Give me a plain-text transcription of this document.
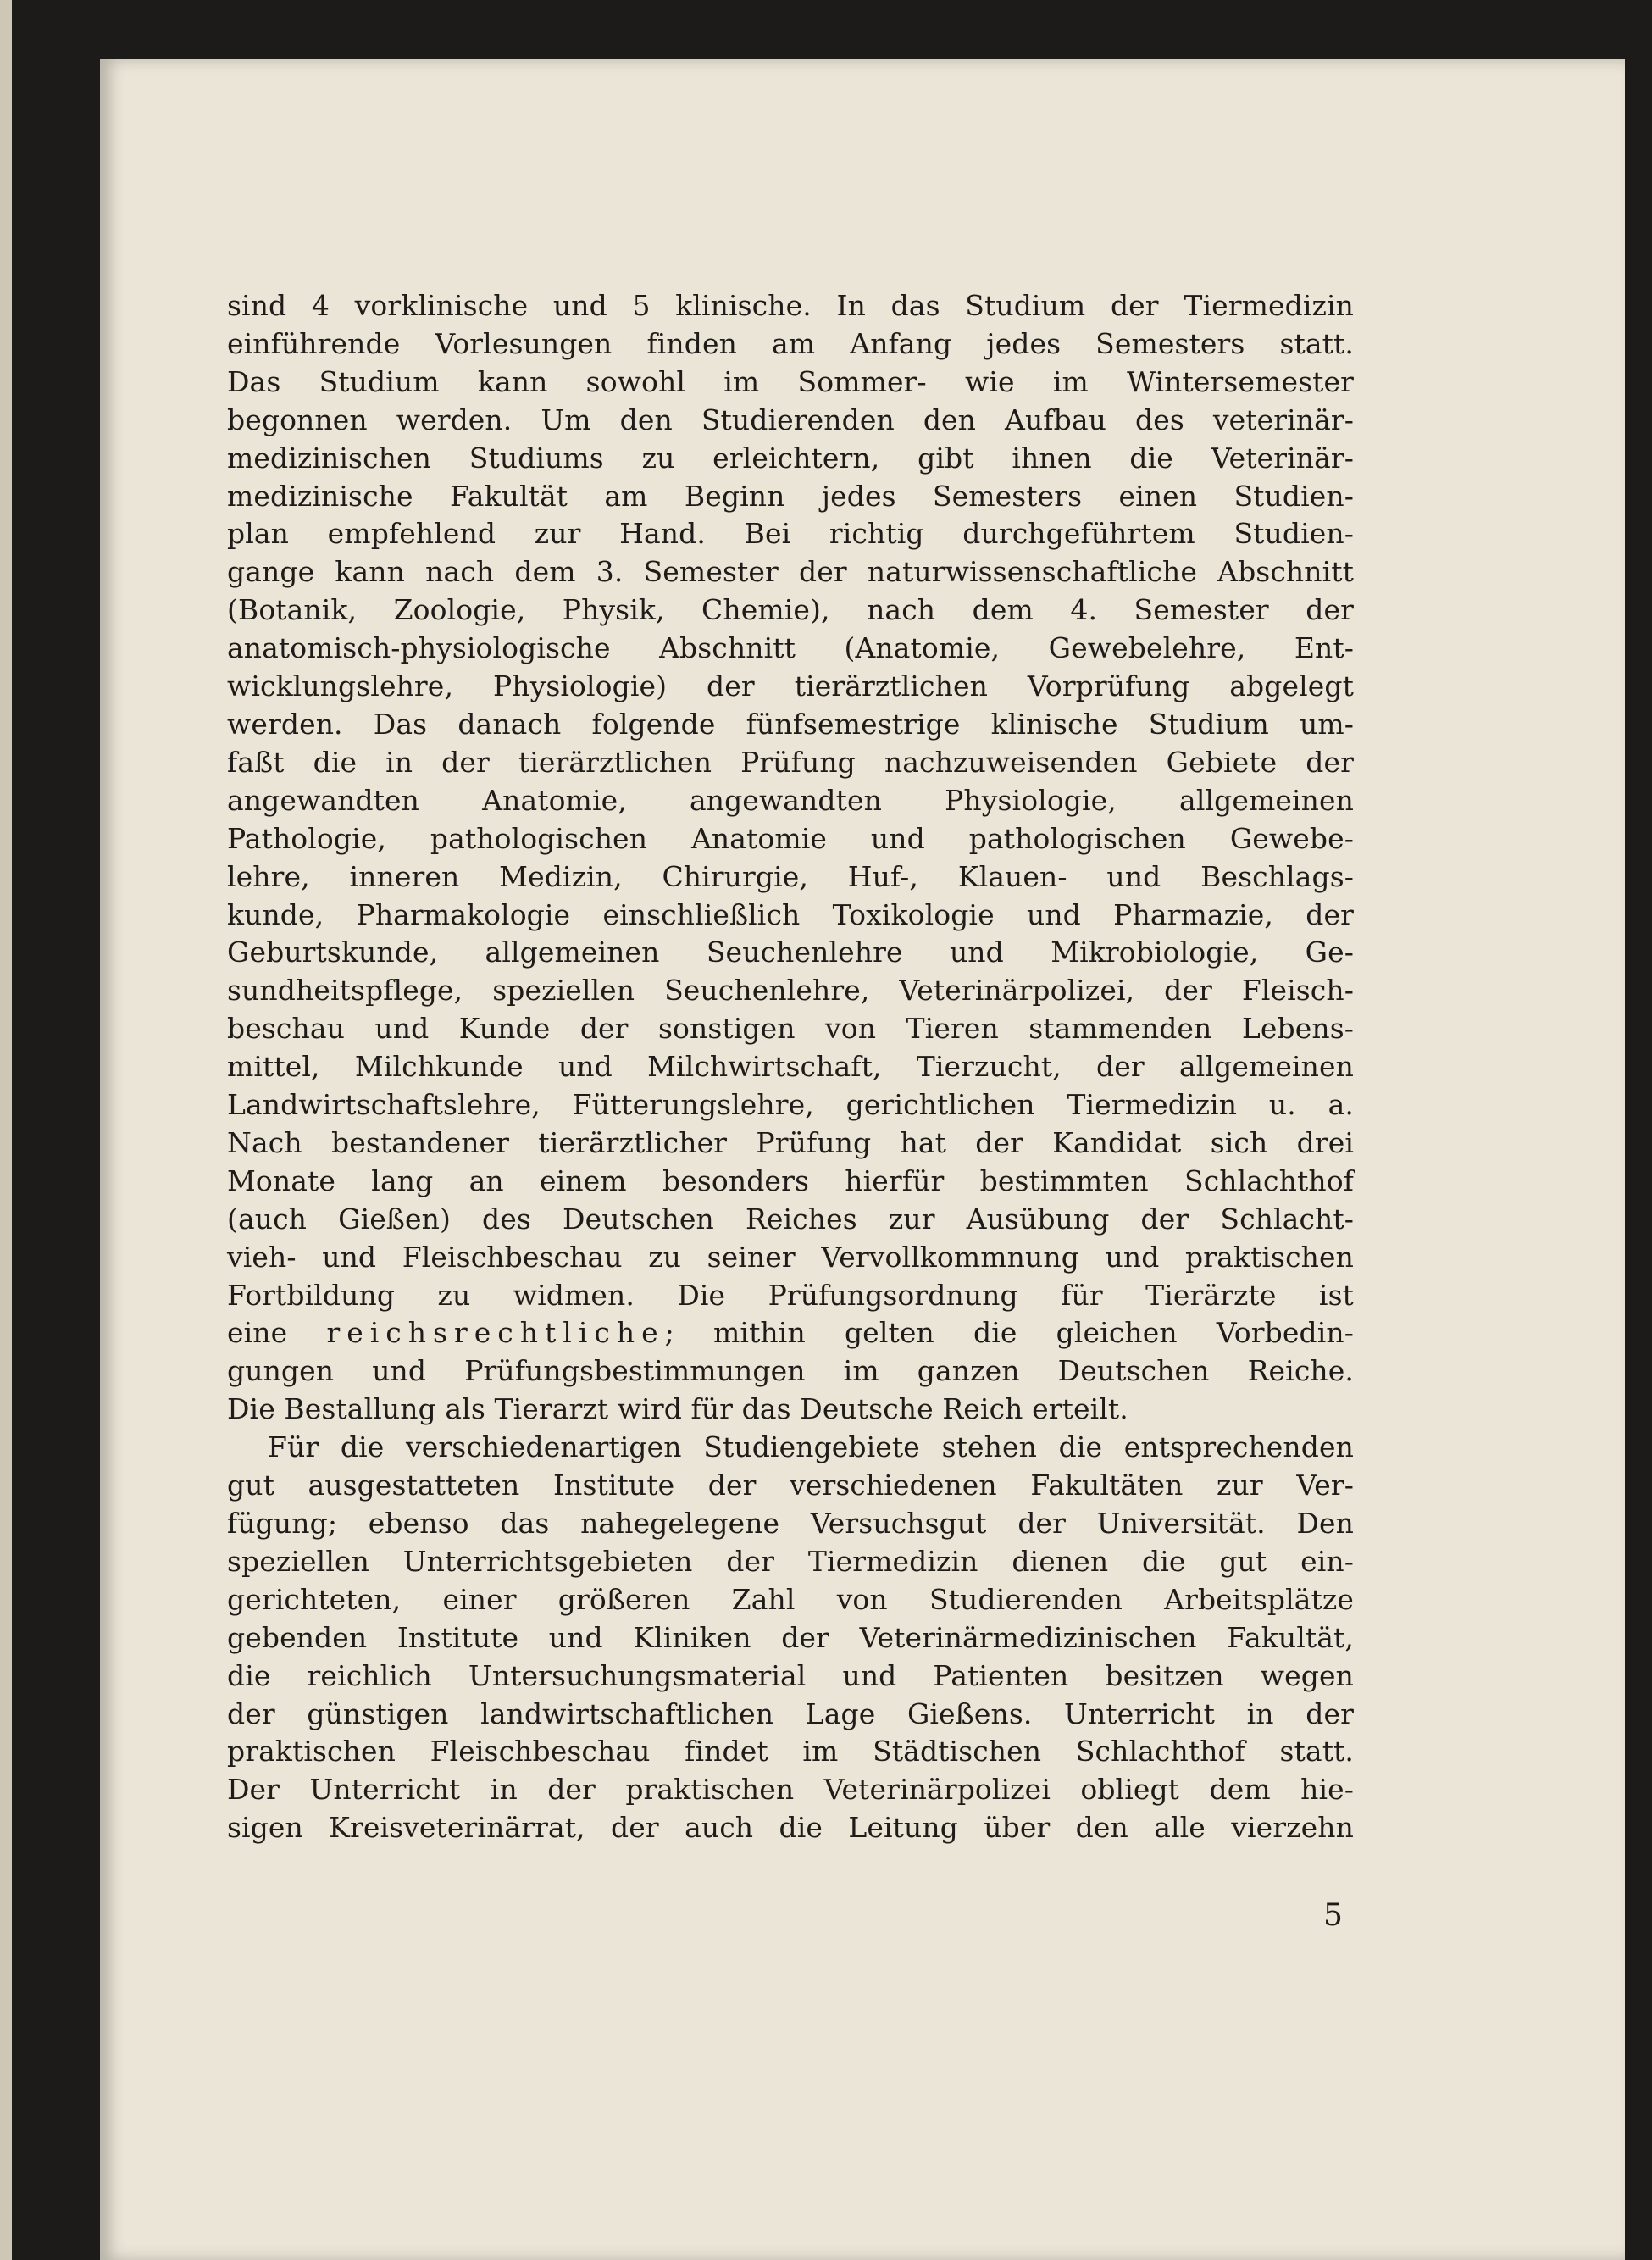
sind 4 vorklinische und 5 klinische. In das Studium der Tiermedizin
einführende Vorlesungen finden am Anfang jedes Semesters statt.
Das Studium kann sowohl im Sommer- wie im Wintersemester
begonnen werden. Um den Studierenden den Aufbau des veterinär-
medizinischen Studiums zu erleichtern, gibt ihnen die Veterinär-
medizinische Fakultät am Beginn jedes Semesters einen Studien-
plan empfehlend zur Hand. Bei richtig durchgeführtem Studien-
gange kann nach dem 3. Semester der naturwissenschaftliche Abschnitt
(Botanik, Zoologie, Physik, Chemie), nach dem 4. Semester der
anatomisch-physiologische Abschnitt (Anatomie, Gewebelehre, Ent-
wicklungslehre, Physiologie) der tierärztlichen Vorprüfung abgelegt
werden. Das danach folgende fünfsemestrige klinische Studium um-
faßt die in der tierärztlichen Prüfung nachzuweisenden Gebiete der
angewandten Anatomie, angewandten Physiologie, allgemeinen
Pathologie, pathologischen Anatomie und pathologischen Gewebe-
lehre, inneren Medizin, Chirurgie, Huf-, Klauen- und Beschlags-
kunde, Pharmakologie einschließlich Toxikologie und Pharmazie, der
Geburtskunde, allgemeinen Seuchenlehre und Mikrobiologie, Ge-
sundheitspflege, speziellen Seuchenlehre, Veterinärpolizei, der Fleisch-
beschau und Kunde der sonstigen von Tieren stammenden Lebens-
mittel, Milchkunde und Milchwirtschaft, Tierzucht, der allgemeinen
Landwirtschaftslehre, Fütterungslehre, gerichtlichen Tiermedizin u. a.
Nach bestandener tierärztlicher Prüfung hat der Kandidat sich drei
Monate lang an einem besonders hierfür bestimmten Schlachthof
(auch Gießen) des Deutschen Reiches zur Ausübung der Schlacht-
vieh- und Fleischbeschau zu seiner Vervollkommnung und praktischen
Fortbildung zu widmen. Die Prüfungsordnung für Tierärzte ist
eine reichsrechtliche; mithin gelten die gleichen Vorbedin-
gungen und Prüfungsbestimmungen im ganzen Deutschen Reiche.
Die Bestallung als Tierarzt wird für das Deutsche Reich erteilt.
Für die verschiedenartigen Studiengebiete stehen die entsprechenden
gut ausgestatteten Institute der verschiedenen Fakultäten zur Ver-
fügung; ebenso das nahegelegene Versuchsgut der Universität. Den
speziellen Unterrichtsgebieten der Tiermedizin dienen die gut ein-
gerichteten, einer größeren Zahl von Studierenden Arbeitsplätze
gebenden Institute und Kliniken der Veterinärmedizinischen Fakultät,
die reichlich Untersuchungsmaterial und Patienten besitzen wegen
der günstigen landwirtschaftlichen Lage Gießens. Unterricht in der
praktischen Fleischbeschau findet im Städtischen Schlachthof statt.
Der Unterricht in der praktischen Veterinärpolizei obliegt dem hie-
sigen Kreisveterinärrat, der auch die Leitung über den alle vierzehn
5
